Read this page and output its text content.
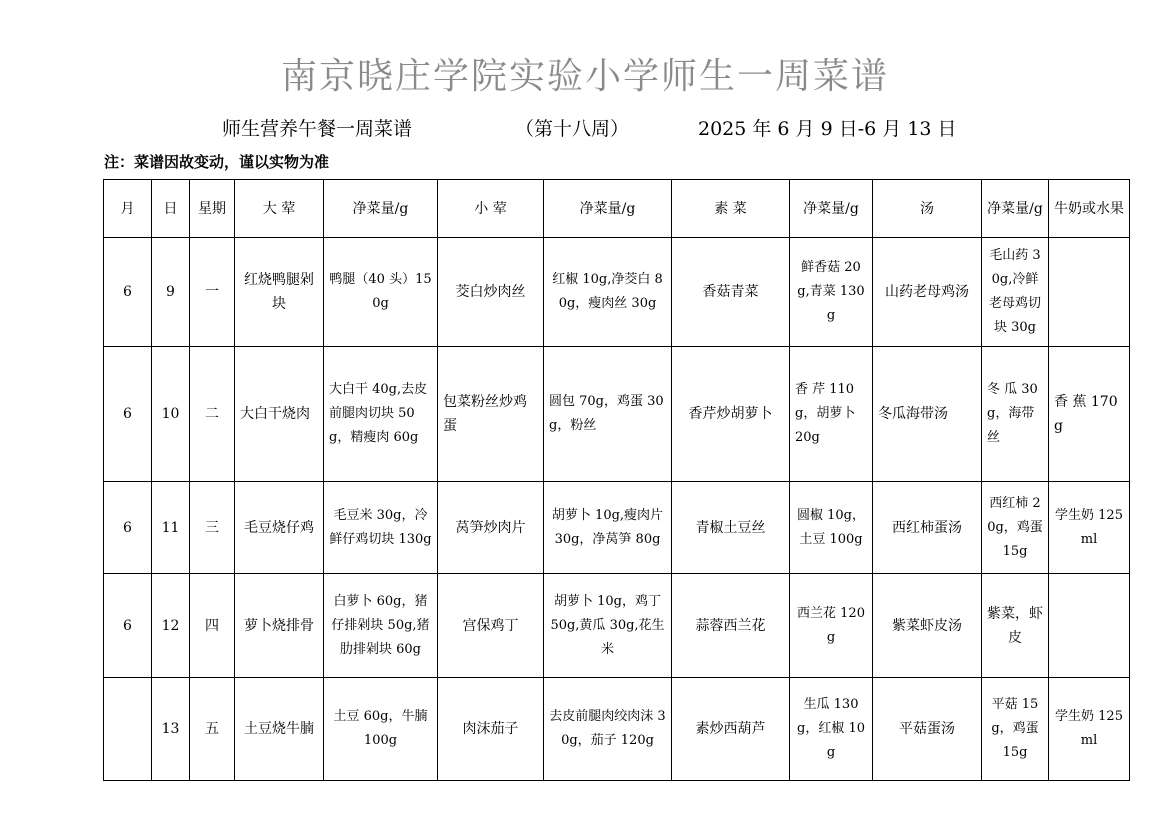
南京晓庄学院实验小学师生一周菜谱
师生营养午餐一周菜谱	（第十八周）	2025 年 6 月 9 日-6 月 13 日
注：菜谱因故变动，谨以实物为准
月	日	星期	大 荤	净菜量/g	小 荤	净菜量/g	素 菜	净菜量/g	汤	净菜量/g	牛奶或水果
6	9	一	红烧鸭腿剁块	鸭腿（40 头）150g	茭白炒肉丝	红椒 10g,净茭白 80g，瘦肉丝 30g	香菇青菜	鲜香菇 20g,青菜 130g	山药老母鸡汤	毛山药 30g,冷鲜老母鸡切块 30g	
6	10	二	大白干烧肉	大白干 40g,去皮前腿肉切块 50g，精瘦肉 60g	包菜粉丝炒鸡蛋	圆包 70g，鸡蛋 30g，粉丝	香芹炒胡萝卜	香 芹 110g，胡萝卜 20g	冬瓜海带汤	冬 瓜 30g，海带丝	香 蕉 170g
6	11	三	毛豆烧仔鸡	毛豆米 30g，冷鲜仔鸡切块 130g	莴笋炒肉片	胡萝卜 10g,瘦肉片 30g，净莴笋 80g	青椒土豆丝	圆椒 10g，土豆 100g	西红柿蛋汤	西红柿 20g，鸡蛋 15g	学生奶 125ml
6	12	四	萝卜烧排骨	白萝卜 60g，猪仔排剁块 50g,猪肋排剁块 60g	宫保鸡丁	胡萝卜 10g，鸡丁 50g,黄瓜 30g,花生米	蒜蓉西兰花	西兰花 120g	紫菜虾皮汤	紫菜，虾皮	
	13	五	土豆烧牛腩	土豆 60g，牛腩 100g	肉沫茄子	去皮前腿肉绞肉沫 30g，茄子 120g	素炒西葫芦	生瓜 130g，红椒 10g	平菇蛋汤	平菇 15g，鸡蛋 15g	学生奶 125ml
